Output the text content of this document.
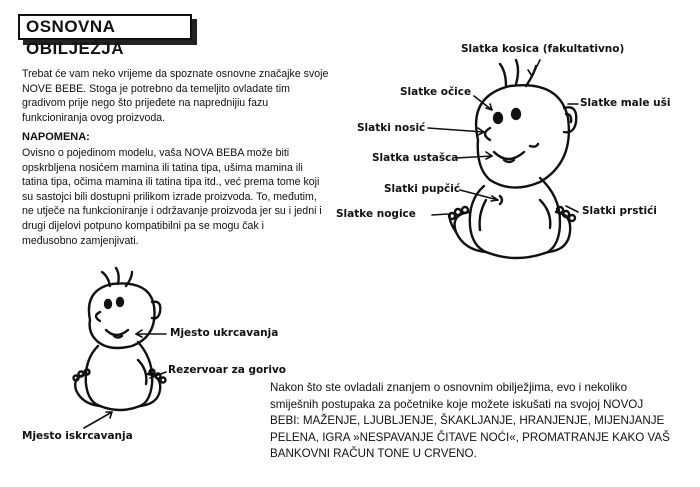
OSNOVNA OBILJEŽJA
Trebat će vam neko vrijeme da spoznate osnovne značajke svoje NOVE BEBE. Stoga je potrebno da temeljito ovladate tim gradivom prije nego što prijeđete na naprednijiu fazu funkcioniranja ovog proizvoda.
NAPOMENA:
Ovisno o pojedinom modelu, vaša NOVA BEBA može biti opskrbljena nosićem mamina ili tatina tipa, ušima mamina ili tatina tipa, očima mamina ili tatina tipa itd., već prema tome koji su sastojci bili dostupni prilikom izrade proizvoda. To, međutim, ne utječe na funkcioniranje i održavanje proizvoda jer su i jedni i drugi dijelovi potpuno kompatibilni pa se mogu čak i međusobno zamjenjivati.
Slatka kosica (fakultativno)
Slatke očice
Slatke male uši
Slatki nosić
Slatka ustašca
Slatki pupčić
Slatke nogice	Slatki prstići
Mjesto ukrcavanja
Rezervoar za gorivo
Mjesto iskrcavanja
Nakon što ste ovladali znanjem o osnovnim obilježjima, evo i nekoliko smiješnih postupaka za početnike koje možete iskušati na svojoj NOVOJ BEBI: MAŽENJE, LJUBLJENJE, ŠKAKLJANJE, HRANJENJE, MIJENJANJE PELENA, IGRA »NESPAVANJE ČITAVE NOĆI«, PROMATRANJE KAKO VAŠ BANKOVNI RAČUN TONE U CRVENO.
